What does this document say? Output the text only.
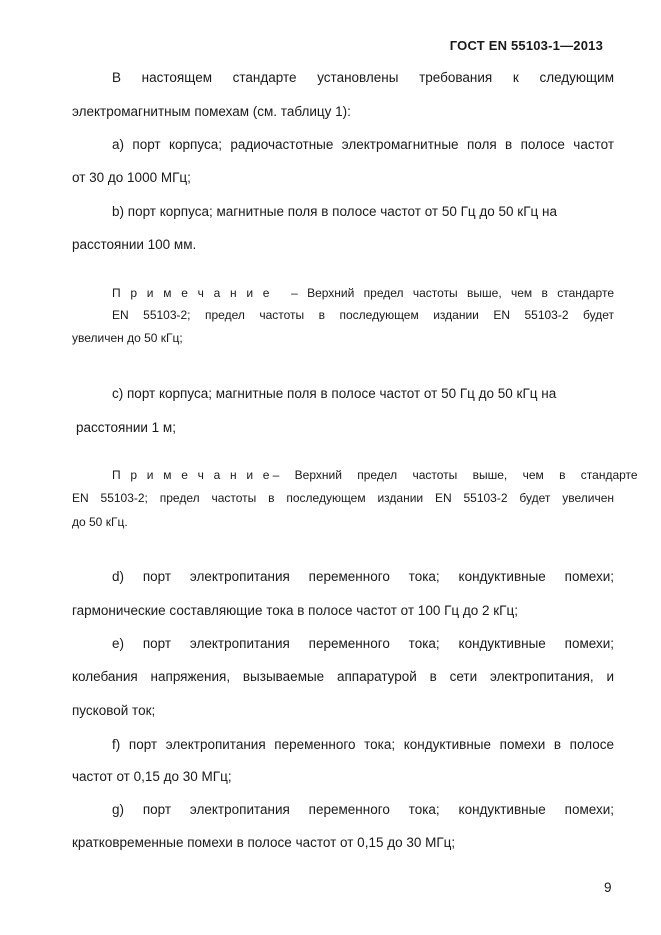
ГОСТ EN 55103-1—2013
В настоящем стандарте установлены требования к следующим
электромагнитным помехам (см. таблицу 1):
a) порт корпуса; радиочастотные электромагнитные поля в полосе частот
от 30 до 1000 МГц;
b) порт корпуса; магнитные поля в полосе частот от 50 Гц до 50 кГц на
расстоянии 100 мм.
П р и м е ч а н и е – Верхний предел частоты выше, чем в стандарте
EN 55103-2; предел частоты в последующем издании EN 55103-2 будет
увеличен до 50 кГц;
c) порт корпуса; магнитные поля в полосе частот от 50 Гц до 50 кГц на
расстоянии 1 м;
П р и м е ч а н и е – Верхний предел частоты выше, чем в стандарте
EN 55103-2; предел частоты в последующем издании EN 55103-2 будет увеличен
до 50 кГц.
d) порт электропитания переменного тока; кондуктивные помехи;
гармонические составляющие тока в полосе частот от 100 Гц до 2 кГц;
e) порт электропитания переменного тока; кондуктивные помехи;
колебания напряжения, вызываемые аппаратурой в сети электропитания, и
пусковой ток;
f) порт электропитания переменного тока; кондуктивные помехи в полосе
частот от 0,15 до 30 МГц;
g) порт электропитания переменного тока; кондуктивные помехи;
кратковременные помехи в полосе частот от 0,15 до 30 МГц;
9
